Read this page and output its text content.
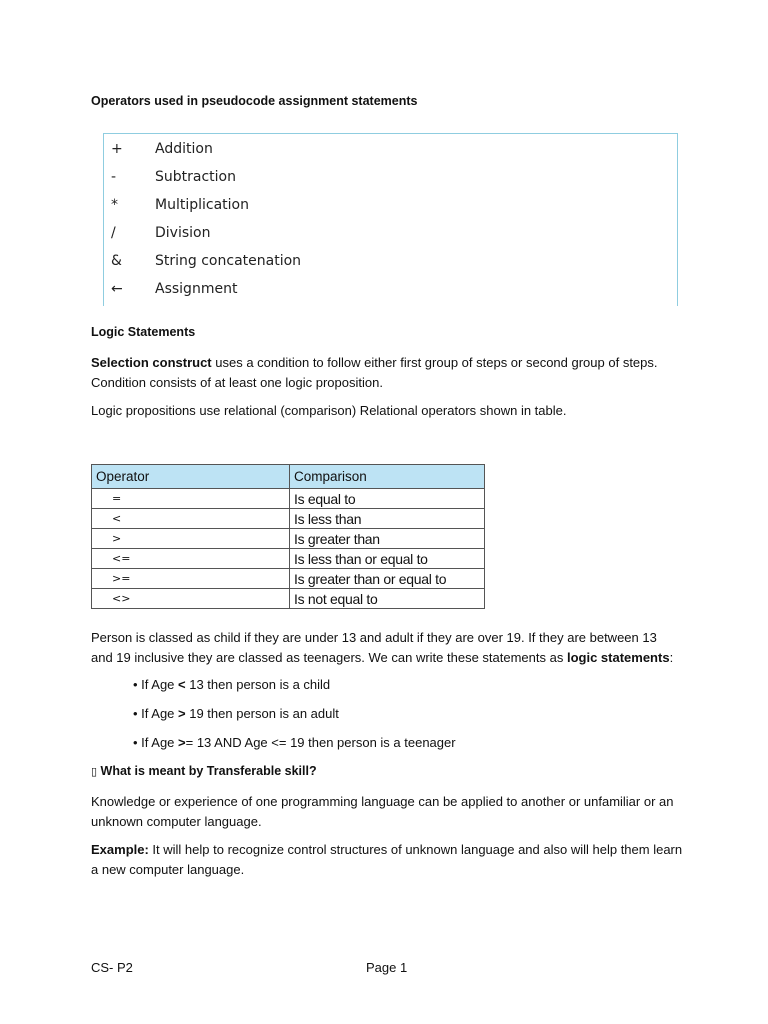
Operators used in pseudocode assignment statements
+	Addition
-	Subtraction
*	Multiplication
/	Division
&	String concatenation
←	Assignment
Logic Statements

Selection construct uses a condition to follow either first group of steps or second group of steps. Condition consists of at least one logic proposition.

Logic propositions use relational (comparison) Relational operators shown in table.

Operator	Comparison
=	Is equal to
<	Is less than
>	Is greater than
<=	Is less than or equal to
>=	Is greater than or equal to
<>	Is not equal to

Person is classed as child if they are under 13 and adult if they are over 19. If they are between 13 and 19 inclusive they are classed as teenagers. We can write these statements as logic statements:

• If Age < 13 then person is a child
• If Age > 19 then person is an adult
• If Age >= 13 AND Age <= 19 then person is a teenager
▯ What is meant by Transferable skill?

Knowledge or experience of one programming language can be applied to another or unfamiliar or an unknown computer language.

Example: It will help to recognize control structures of unknown language and also will help them learn a new computer language.

CS- P2	Page 1
